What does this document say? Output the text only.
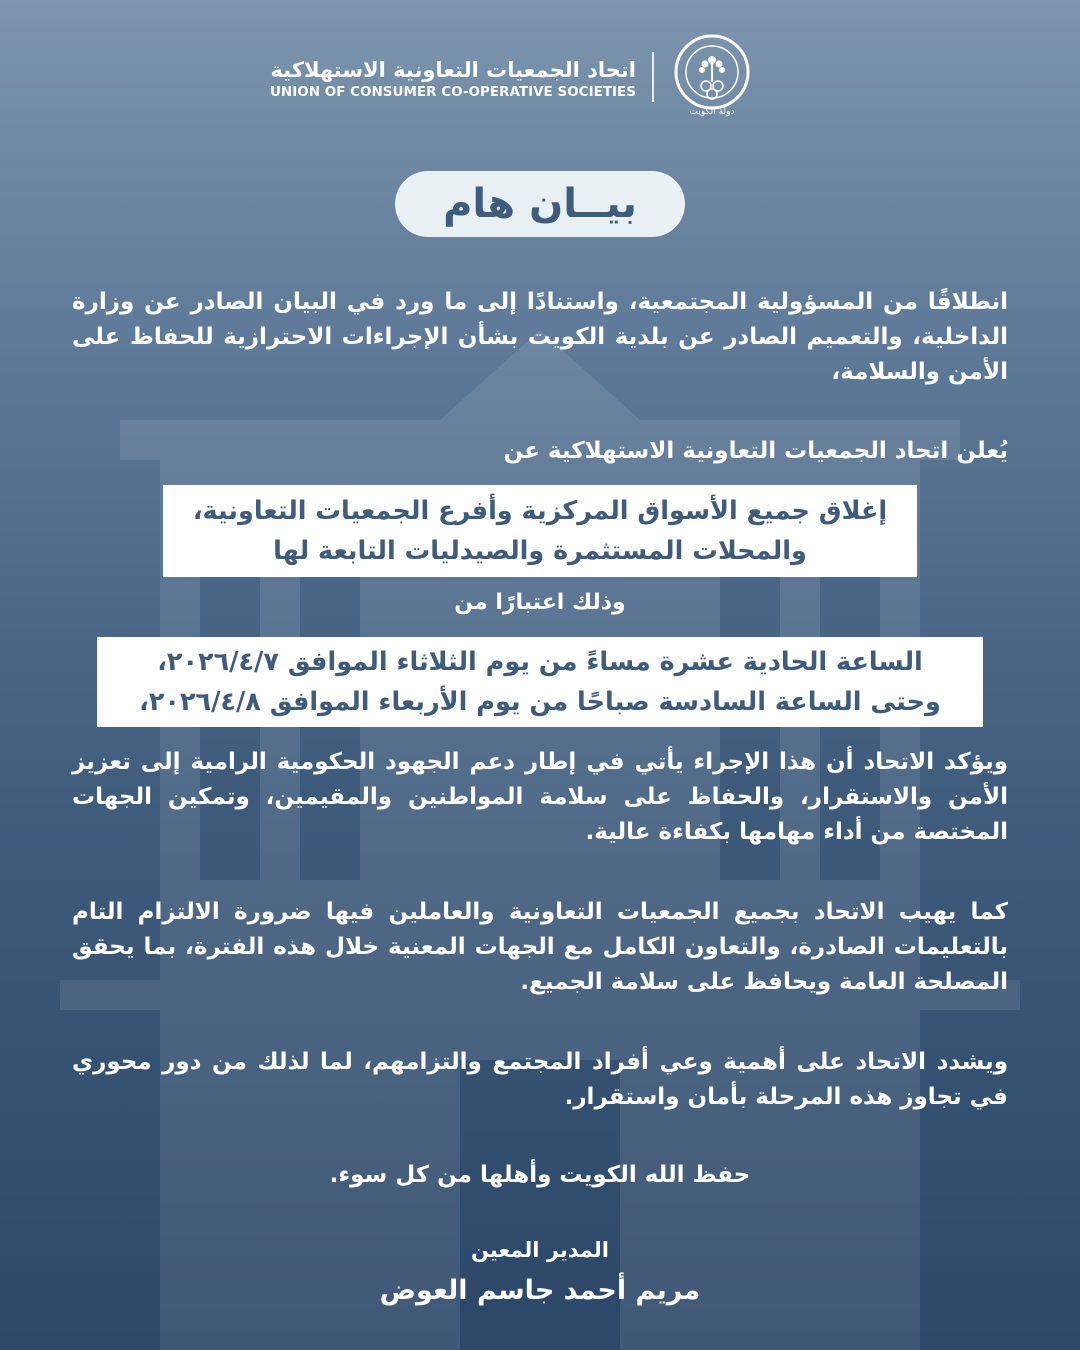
دولة الكويت
اتحاد الجمعيات التعاونية الاستهلاكية
UNION OF CONSUMER CO-OPERATIVE SOCIETIES
بيــان هام
انطلاقًا من المسؤولية المجتمعية، واستنادًا إلى ما ورد في البيان الصادر عن وزارة الداخلية، والتعميم الصادر عن بلدية الكويت بشأن الإجراءات الاحترازية للحفاظ على الأمن والسلامة،
يُعلن اتحاد الجمعيات التعاونية الاستهلاكية عن
إغلاق جميع الأسواق المركزية وأفرع الجمعيات التعاونية،
والمحلات المستثمرة والصيدليات التابعة لها
وذلك اعتبارًا من
الساعة الحادية عشرة مساءً من يوم الثلاثاء الموافق ٢٠٢٦/٤/٧،
وحتى الساعة السادسة صباحًا من يوم الأربعاء الموافق ٢٠٢٦/٤/٨،
ويؤكد الاتحاد أن هذا الإجراء يأتي في إطار دعم الجهود الحكومية الرامية إلى تعزيز الأمن والاستقرار، والحفاظ على سلامة المواطنين والمقيمين، وتمكين الجهات المختصة من أداء مهامها بكفاءة عالية.
كما يهيب الاتحاد بجميع الجمعيات التعاونية والعاملين فيها ضرورة الالتزام التام بالتعليمات الصادرة، والتعاون الكامل مع الجهات المعنية خلال هذه الفترة، بما يحقق المصلحة العامة ويحافظ على سلامة الجميع.
ويشدد الاتحاد على أهمية وعي أفراد المجتمع والتزامهم، لما لذلك من دور محوري في تجاوز هذه المرحلة بأمان واستقرار.
حفظ الله الكويت وأهلها من كل سوء.
المدير المعين
مريم أحمد جاسم العوض
